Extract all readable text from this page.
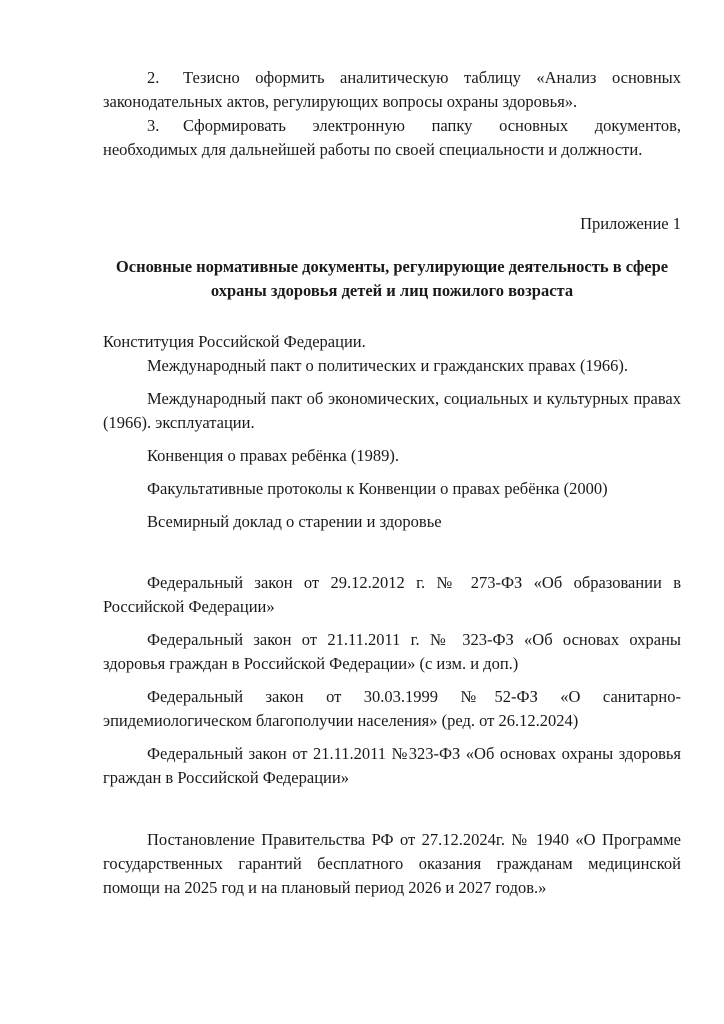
2. Тезисно оформить аналитическую таблицу «Анализ основных законодательных актов, регулирующих вопросы охраны здоровья».

3. Сформировать электронную папку основных документов, необходимых для дальнейшей работы по своей специальности и должности.

Приложение 1
Основные нормативные документы, регулирующие деятельность в сфере
охраны здоровья детей и лиц пожилого возраста

Конституция Российской Федерации.

Международный пакт о политических и гражданских правах (1966).

Международный пакт об экономических, социальных и культурных правах (1966). эксплуатации.

Конвенция о правах ребёнка (1989).

Факультативные протоколы к Конвенции о правах ребёнка (2000)

Всемирный доклад о старении и здоровье

Федеральный закон от 29.12.2012 г. № 273-ФЗ «Об образовании в Российской Федерации»

Федеральный закон от 21.11.2011 г. № 323-ФЗ «Об основах охраны здоровья граждан в Российской Федерации» (с изм. и доп.)

Федеральный закон от 30.03.1999 №52-ФЗ «О санитарно-эпидемиологическом благополучии населения» (ред. от 26.12.2024)

Федеральный закон от 21.11.2011 №323-ФЗ «Об основах охраны здоровья граждан в Российской Федерации»

Постановление Правительства РФ от 27.12.2024г. № 1940 «О Программе государственных гарантий бесплатного оказания гражданам медицинской помощи на 2025 год и на плановый период 2026 и 2027 годов.»
